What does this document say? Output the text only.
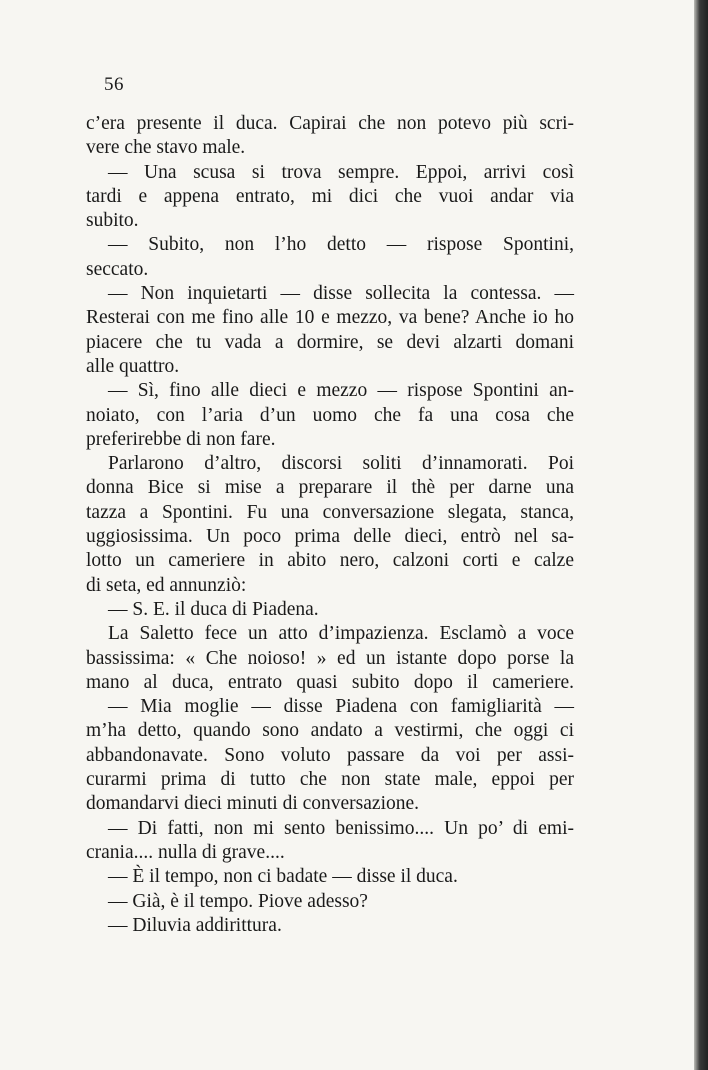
56
c’era presente il duca. Capirai che non potevo più scri-
vere che stavo male.
— Una scusa si trova sempre. Eppoi, arrivi così
tardi e appena entrato, mi dici che vuoi andar via
subito.
— Subito, non l’ho detto — rispose Spontini,
seccato.
— Non inquietarti — disse sollecita la contessa. —
Resterai con me fino alle 10 e mezzo, va bene? Anche io ho
piacere che tu vada a dormire, se devi alzarti domani
alle quattro.
— Sì, fino alle dieci e mezzo — rispose Spontini an-
noiato, con l’aria d’un uomo che fa una cosa che
preferirebbe di non fare.
Parlarono d’altro, discorsi soliti d’innamorati. Poi
donna Bice si mise a preparare il thè per darne una
tazza a Spontini. Fu una conversazione slegata, stanca,
uggiosissima. Un poco prima delle dieci, entrò nel sa-
lotto un cameriere in abito nero, calzoni corti e calze
di seta, ed annunziò:
— S. E. il duca di Piadena.
La Saletto fece un atto d’impazienza. Esclamò a voce
bassissima: « Che noioso! » ed un istante dopo porse la
mano al duca, entrato quasi subito dopo il cameriere.
— Mia moglie — disse Piadena con famigliarità —
m’ha detto, quando sono andato a vestirmi, che oggi ci
abbandonavate. Sono voluto passare da voi per assi-
curarmi prima di tutto che non state male, eppoi per
domandarvi dieci minuti di conversazione.
— Di fatti, non mi sento benissimo.... Un po’ di emi-
crania.... nulla di grave....
— È il tempo, non ci badate — disse il duca.
— Già, è il tempo. Piove adesso?
— Diluvia addirittura.
